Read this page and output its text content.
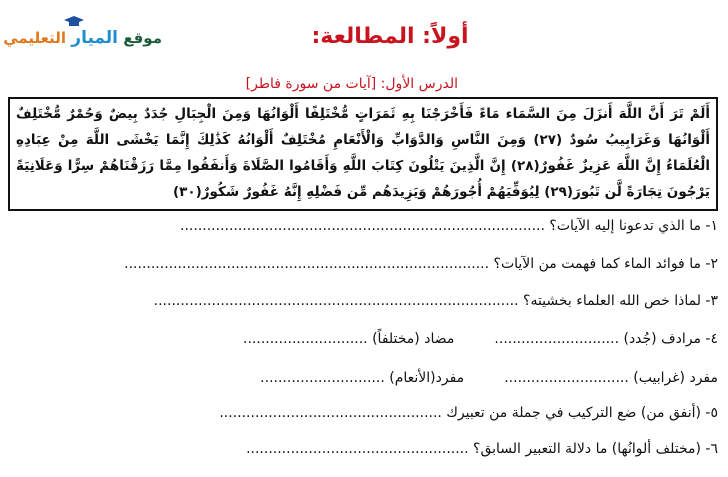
موقع الميار التعليمي	أولاً: المطالعة:
الدرس الأول: [آيات من سورة فاطر]
أَلَمْ تَرَ أَنَّ اللَّهَ أَنزَلَ مِنَ السَّمَاء مَاءً فَأَخْرَجْنَا بِهِ ثَمَرَاتٍ مُّخْتَلِفًا أَلْوَانُهَا وَمِنَ الْجِبَالِ جُدَدٌ بِيضٌ وَحُمْرٌ مُّخْتَلِفٌ أَلْوَانُهَا وَغَرَابِيبُ سُودٌ (٢٧) وَمِنَ النَّاسِ وَالدَّوَابِّ وَالْأَنْعَامِ مُخْتَلِفٌ أَلْوَانُهُ كَذَٰلِكَ إِنَّمَا يَخْشَى اللَّهَ مِنْ عِبَادِهِ الْعُلَمَاءُ إِنَّ اللَّهَ عَزِيزٌ غَفُورٌ(٢٨) إِنَّ الَّذِينَ يَتْلُونَ كِتَابَ اللَّهِ وَأَقَامُوا الصَّلَاةَ وَأَنفَقُوا مِمَّا رَزَقْنَاهُمْ سِرًّا وَعَلَانِيَةً يَرْجُونَ تِجَارَةً لَّن تَبُورَ(٢٩) لِيُوَفِّيَهُمْ أُجُورَهُمْ وَيَزِيدَهُم مِّن فَضْلِهِ إِنَّهُ غَفُورٌ شَكُورٌ(٣٠)
١- ما الذي تدعونا إليه الآيات؟ ..................................................................................
٢- ما فوائد الماء كما فهمت من الآيات؟ ..................................................................................
٣- لماذا خص الله العلماء بخشيته؟ ..................................................................................
٤- مرادف (جُدد) ............................         مضاد (مختلفاً) ............................
مفرد (غرابيب) ............................         مفرد(الأنعام) ............................
٥- (أنفق من) ضع التركيب في جملة من تعبيرك ..................................................
٦- (مختلف ألوانُها) ما دلالة التعبير السابق؟ ..................................................
